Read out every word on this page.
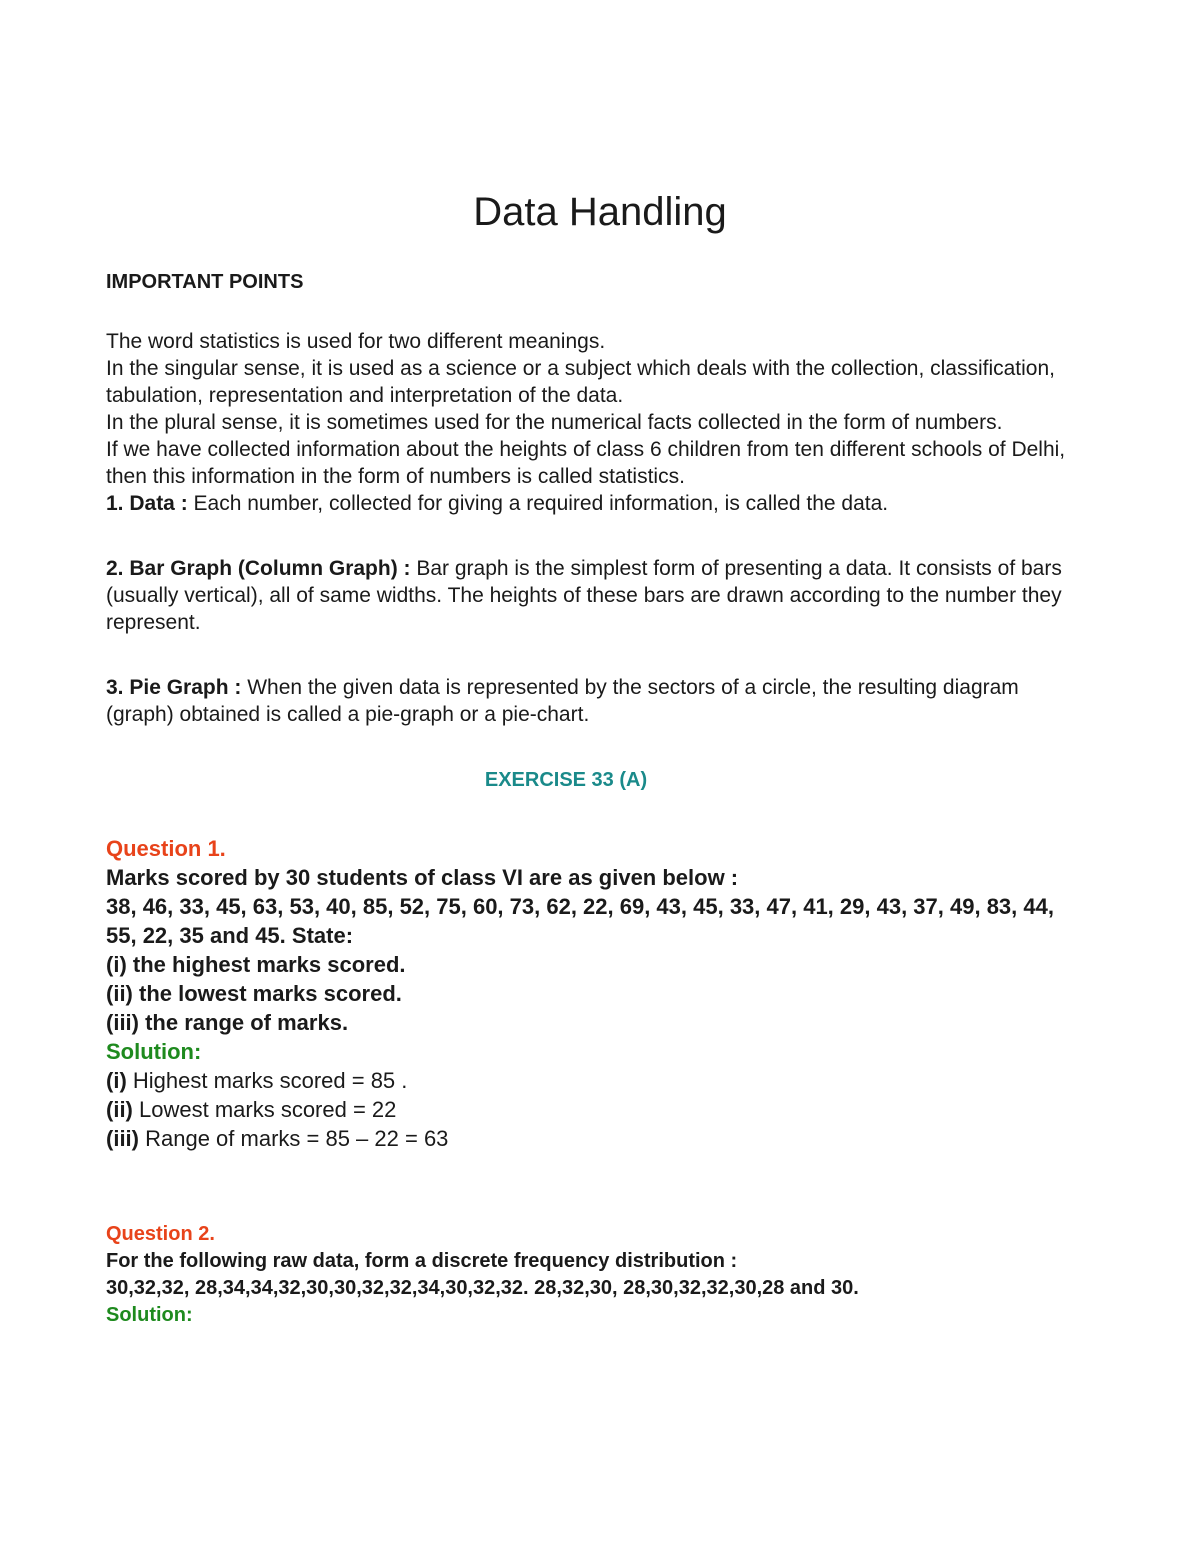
Data Handling

IMPORTANT POINTS

The word statistics is used for two different meanings.

In the singular sense, it is used as a science or a subject which deals with the collection, classification, tabulation, representation and interpretation of the data.

In the plural sense, it is sometimes used for the numerical facts collected in the form of numbers.

If we have collected information about the heights of class 6 children from ten different schools of Delhi, then this information in the form of numbers is called statistics.

1. Data : Each number, collected for giving a required information, is called the data.

2. Bar Graph (Column Graph) : Bar graph is the simplest form of presenting a data. It consists of bars (usually vertical), all of same widths. The heights of these bars are drawn according to the number they represent.

3. Pie Graph : When the given data is represented by the sectors of a circle, the resulting diagram (graph) obtained is called a pie-graph or a pie-chart.

EXERCISE 33 (A)

Question 1.

Marks scored by 30 students of class VI are as given below :

38, 46, 33, 45, 63, 53, 40, 85, 52, 75, 60, 73, 62, 22, 69, 43, 45, 33, 47, 41, 29, 43, 37, 49, 83, 44, 55, 22, 35 and 45. State:

(i) the highest marks scored.

(ii) the lowest marks scored.

(iii) the range of marks.

Solution:

(i) Highest marks scored = 85 .

(ii) Lowest marks scored = 22

(iii) Range of marks = 85 – 22 = 63

Question 2.

For the following raw data, form a discrete frequency distribution :

30,32,32, 28,34,34,32,30,30,32,32,34,30,32,32. 28,32,30, 28,30,32,32,30,28 and 30.

Solution:
